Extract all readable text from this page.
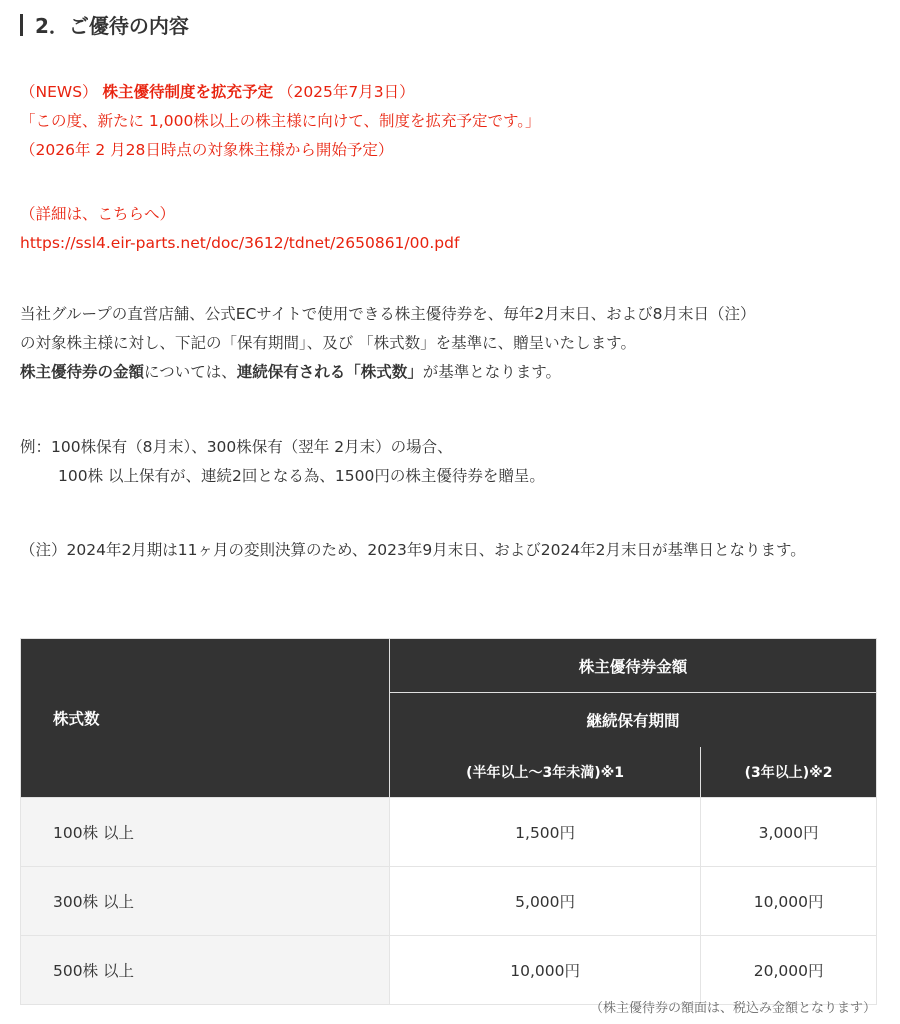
2．ご優待の内容
（NEWS） 株主優待制度を拡充予定 （2025年7月3日）
「この度、新たに 1,000株以上の株主様に向けて、制度を拡充予定です。」
（2026年 2 月28日時点の対象株主様から開始予定）
（詳細は、こちらへ）
https://ssl4.eir-parts.net/doc/3612/tdnet/2650861/00.pdf
当社グループの直営店舗、公式ECサイトで使用できる株主優待券を、毎年2月末日、および8月末日（注）
の対象株主様に対し、下記の「保有期間」、及び 「株式数」を基準に、贈呈いたします。
株主優待券の金額については、連続保有される「株式数」が基準となります。
例：100株保有（8月末）、300株保有（翌年 2月末）の場合、
100株 以上保有が、連続2回となる為、1500円の株主優待券を贈呈。
（注）2024年2月期は11ヶ月の変則決算のため、2023年9月末日、および2024年2月末日が基準日となります。
株式数	株主優待券金額	
	継続保有期間	
	(半年以上～3年未満)※1	(3年以上)※2
100株 以上	1,500円	3,000円
300株 以上	5,000円	10,000円
500株 以上	10,000円	20,000円
（株主優待券の額面は、税込み金額となります）
